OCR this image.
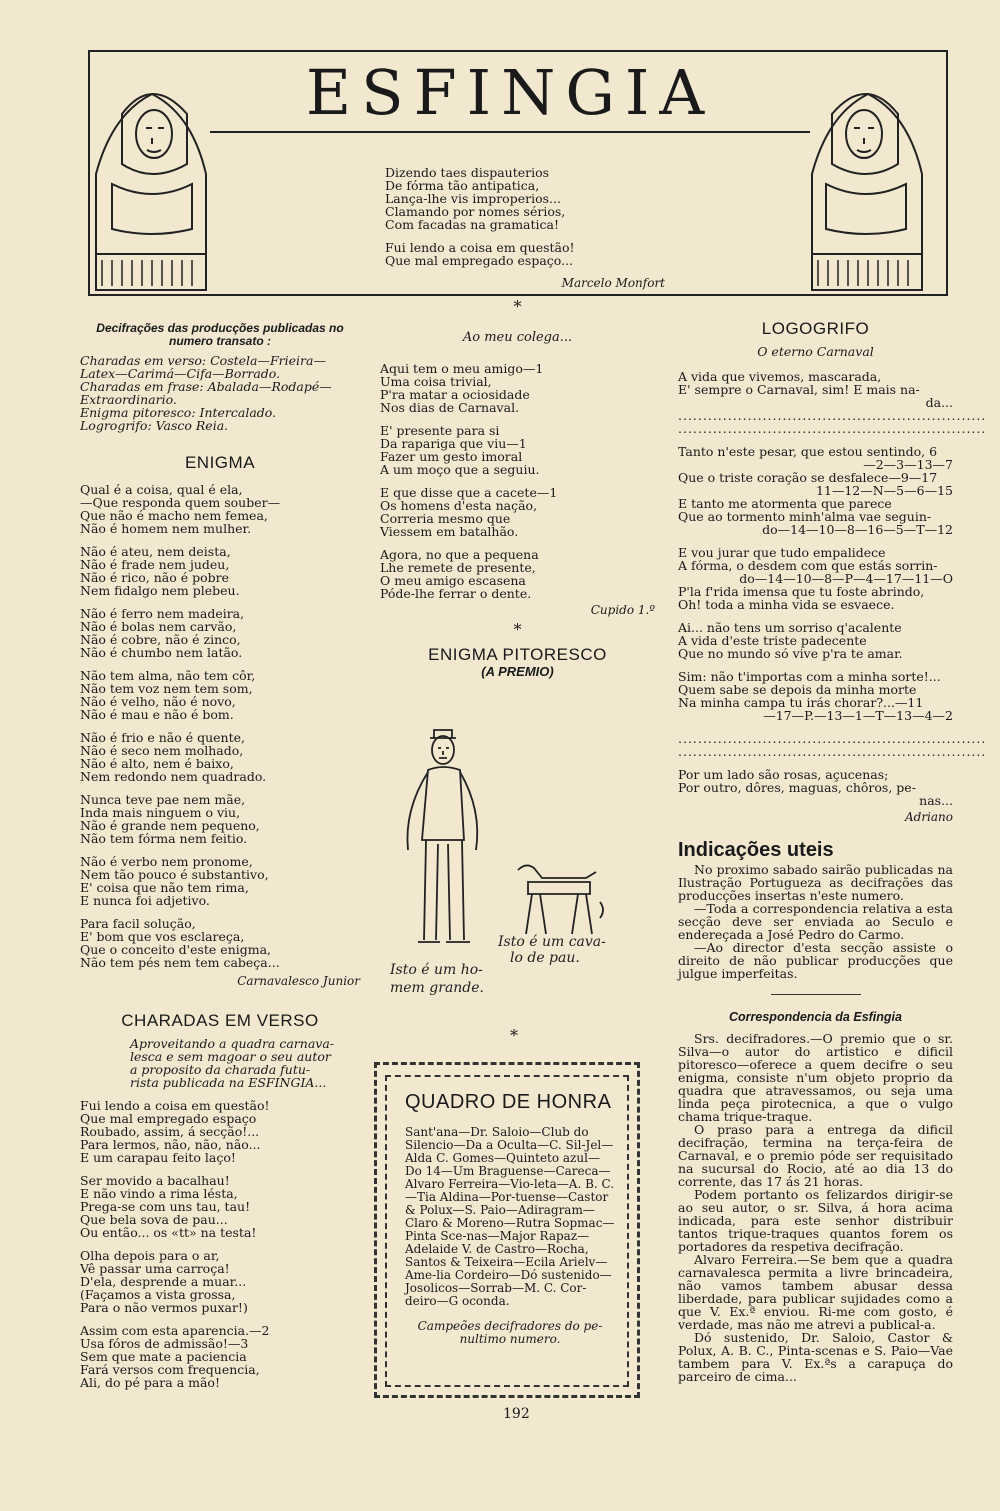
ESFINGIA

Dizendo taes dispauterios

De fórma tão antipatica,

Lança-lhe vis improperios...

Clamando por nomes sérios,

Com facadas na gramatica!

Fui lendo a coisa em questão!

Que mal empregado espaço...

Marcelo Monfort

Decifrações das producções publicadas no numero transato :

Charadas em verso: Costela—Frieira—Latex—Carimá—Cifa—Borrado.

Charadas em frase: Abalada—Rodapé—Extraordinario.

Enigma pitoresco: Intercalado.

Logrogrifo: Vasco Reia.

ENIGMA

Qual é a coisa, qual é ela,

—Que responda quem souber—

Que não é macho nem femea,

Não é homem nem mulher.

Não é ateu, nem deista,

Não é frade nem judeu,

Não é rico, não é pobre

Nem fidalgo nem plebeu.

Não é ferro nem madeira,

Não é bolas nem carvão,

Não é cobre, não é zinco,

Não é chumbo nem latão.

Não tem alma, não tem côr,

Não tem voz nem tem som,

Não é velho, não é novo,

Não é mau e não é bom.

Não é frio e não é quente,

Não é seco nem molhado,

Não é alto, nem é baixo,

Nem redondo nem quadrado.

Nunca teve pae nem mãe,

Inda mais ninguem o viu,

Não é grande nem pequeno,

Não tem fórma nem feitio.

Não é verbo nem pronome,

Nem tão pouco é substantivo,

E' coisa que não tem rima,

E nunca foi adjetivo.

Para facil solução,

E' bom que vos esclareça,

Que o conceito d'este enigma,

Não tem pés nem tem cabeça...

Carnavalesco Junior

CHARADAS EM VERSO

Aproveitando a quadra carnava-

lesca e sem magoar o seu autor

a proposito da charada futu-

rista publicada na ESFINGIA...

Fui lendo a coisa em questão!

Que mal empregado espaço

Roubado, assim, á secção!...

Para lermos, não, não, não...

E um carapau feito laço!

Ser movido a bacalhau!

E não vindo a rima lésta,

Prega-se com uns tau, tau!

Que bela sova de pau...

Ou então... os «tt» na testa!

Olha depois para o ar,

Vê passar uma carroça!

D'ela, desprende a muar...

(Façamos a vista grossa,

Para o não vermos puxar!)

Assim com esta aparencia.—2

Usa fóros de admissão!—3

Sem que mate a paciencia

Fará versos com frequencia,

Ali, do pé para a mão!

*

Ao meu colega...

Aqui tem o meu amigo—1

Uma coisa trivial,

P'ra matar a ociosidade

Nos dias de Carnaval.

E' presente para si

Da rapariga que viu—1

Fazer um gesto imoral

A um moço que a seguiu.

E que disse que a cacete—1

Os homens d'esta nação,

Correria mesmo que

Viessem em batalhão.

Agora, no que a pequena

Lhe remete de presente,

O meu amigo escasena

Póde-lhe ferrar o dente.

Cupido 1.º

*

ENIGMA PITORESCO

(A PREMIO)

Isto é um cava-
lo de pau.
Isto é um ho-
mem grande.

*

QUADRO DE HONRA

Sant'ana—Dr. Saloio—Club do Silencio—Da a Oculta—C. Sil-Jel—Alda C. Gomes—Quinteto azul—Do 14—Um Braguense—Careca—Alvaro Ferreira—Vio-leta—A. B. C.—Tia Aldina—Por-tuense—Castor & Polux—S. Paio—Adiragram—Claro & Moreno—Rutra Sopmac—Pinta Sce-nas—Major Rapaz—Adelaide V. de Castro—Rocha, Santos & Teixeira—Ecila Arielv—Ame-lia Cordeiro—Dó sustenido—Josolicos—Sorrab—M. C. Cor-deiro—G oconda.

Campeões decifradores do pe-nultimo numero.

LOGOGRIFO

O eterno Carnaval

A vida que vivemos, mascarada,

E' sempre o Carnaval, sim! E mais na-

da...

..............................................................

..............................................................

Tanto n'este pesar, que estou sentindo, 6

—2—3—13—7

Que o triste coração se desfalece—9—17

11—12—N—5—6—15

E tanto me atormenta que parece

Que ao tormento minh'alma vae seguin-

do—14—10—8—16—5—T—12

E vou jurar que tudo empalidece

A fórma, o desdem com que estás sorrin-

do—14—10—8—P—4—17—11—O

P'la f'rida imensa que tu foste abrindo,

Oh! toda a minha vida se esvaece.

Ai... não tens um sorriso q'acalente

A vida d'este triste padecente

Que no mundo só vive p'ra te amar.

Sim: não t'importas com a minha sorte!...

Quem sabe se depois da minha morte

Na minha campa tu irás chorar?...—11

—17—P.—13—1—T—13—4—2

..............................................................

..............................................................

Por um lado são rosas, açucenas;

Por outro, dôres, maguas, chôros, pe-

nas...

Adriano

Indicações uteis

No proximo sabado sairão publicadas na Ilustração Portugueza as decifrações das producções insertas n'este numero.

—Toda a correspondencia relativa a esta secção deve ser enviada ao Seculo e endereçada a José Pedro do Carmo.

—Ao director d'esta secção assiste o direito de não publicar producções que julgue imperfeitas.

Correspondencia da Esfingia

Srs. decifradores.—O premio que o sr. Silva—o autor do artistico e dificil pitoresco—oferece a quem decifre o seu enigma, consiste n'um objeto proprio da quadra que atravessamos, ou seja uma linda peça pirotecnica, a que o vulgo chama trique-traque.

O praso para a entrega da dificil decifração, termina na terça-feira de Carnaval, e o premio póde ser requisitado na sucursal do Rocio, até ao dia 13 do corrente, das 17 ás 21 horas.

Podem portanto os felizardos dirigir-se ao seu autor, o sr. Silva, á hora acima indicada, para este senhor distribuir tantos trique-traques quantos forem os portadores da respetiva decifração.

Alvaro Ferreira.—Se bem que a quadra carnavalesca permita a livre brincadeira, não vamos tambem abusar dessa liberdade, para publicar sujidades como a que V. Ex.ª enviou. Ri-me com gosto, é verdade, mas não me atrevi a publical-a.

Dó sustenido, Dr. Saloio, Castor & Polux, A. B. C., Pinta-scenas e S. Paio—Vae tambem para V. Ex.ªs a carapuça do parceiro de cima...

192
